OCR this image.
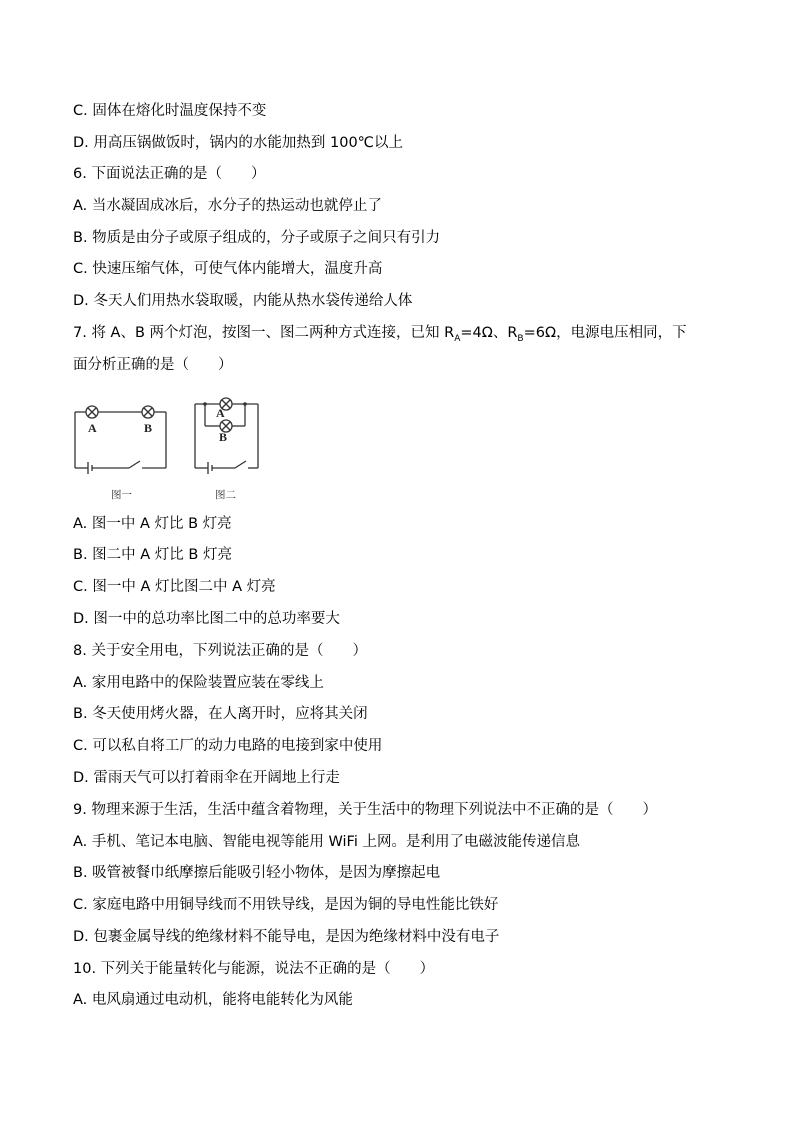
C. 固体在熔化时温度保持不变
D. 用高压锅做饭时，锅内的水能加热到 100℃以上
6. 下面说法正确的是（　　）
A. 当水凝固成冰后，水分子的热运动也就停止了
B. 物质是由分子或原子组成的，分子或原子之间只有引力
C. 快速压缩气体，可使气体内能增大，温度升高
D. 冬天人们用热水袋取暖，内能从热水袋传递给人体
7. 将 A、B 两个灯泡，按图一、图二两种方式连接，已知 $R_A=4\Omega$、$R_B=6\Omega$，电源电压相同，下
面分析正确的是（　　）
A	B
A
B
图一	图二
A. 图一中 A 灯比 B 灯亮
B. 图二中 A 灯比 B 灯亮
C. 图一中 A 灯比图二中 A 灯亮
D. 图一中的总功率比图二中的总功率要大
8. 关于安全用电，下列说法正确的是（　　）
A. 家用电路中的保险装置应装在零线上
B. 冬天使用烤火器，在人离开时，应将其关闭
C. 可以私自将工厂的动力电路的电接到家中使用
D. 雷雨天气可以打着雨伞在开阔地上行走
9. 物理来源于生活，生活中蕴含着物理，关于生活中的物理下列说法中不正确的是（　　）
A. 手机、笔记本电脑、智能电视等能用 WiFi 上网。是利用了电磁波能传递信息
B. 吸管被餐巾纸摩擦后能吸引轻小物体，是因为摩擦起电
C. 家庭电路中用铜导线而不用铁导线，是因为铜的导电性能比铁好
D. 包裹金属导线的绝缘材料不能导电，是因为绝缘材料中没有电子
10. 下列关于能量转化与能源，说法不正确的是（　　）
A. 电风扇通过电动机，能将电能转化为风能
